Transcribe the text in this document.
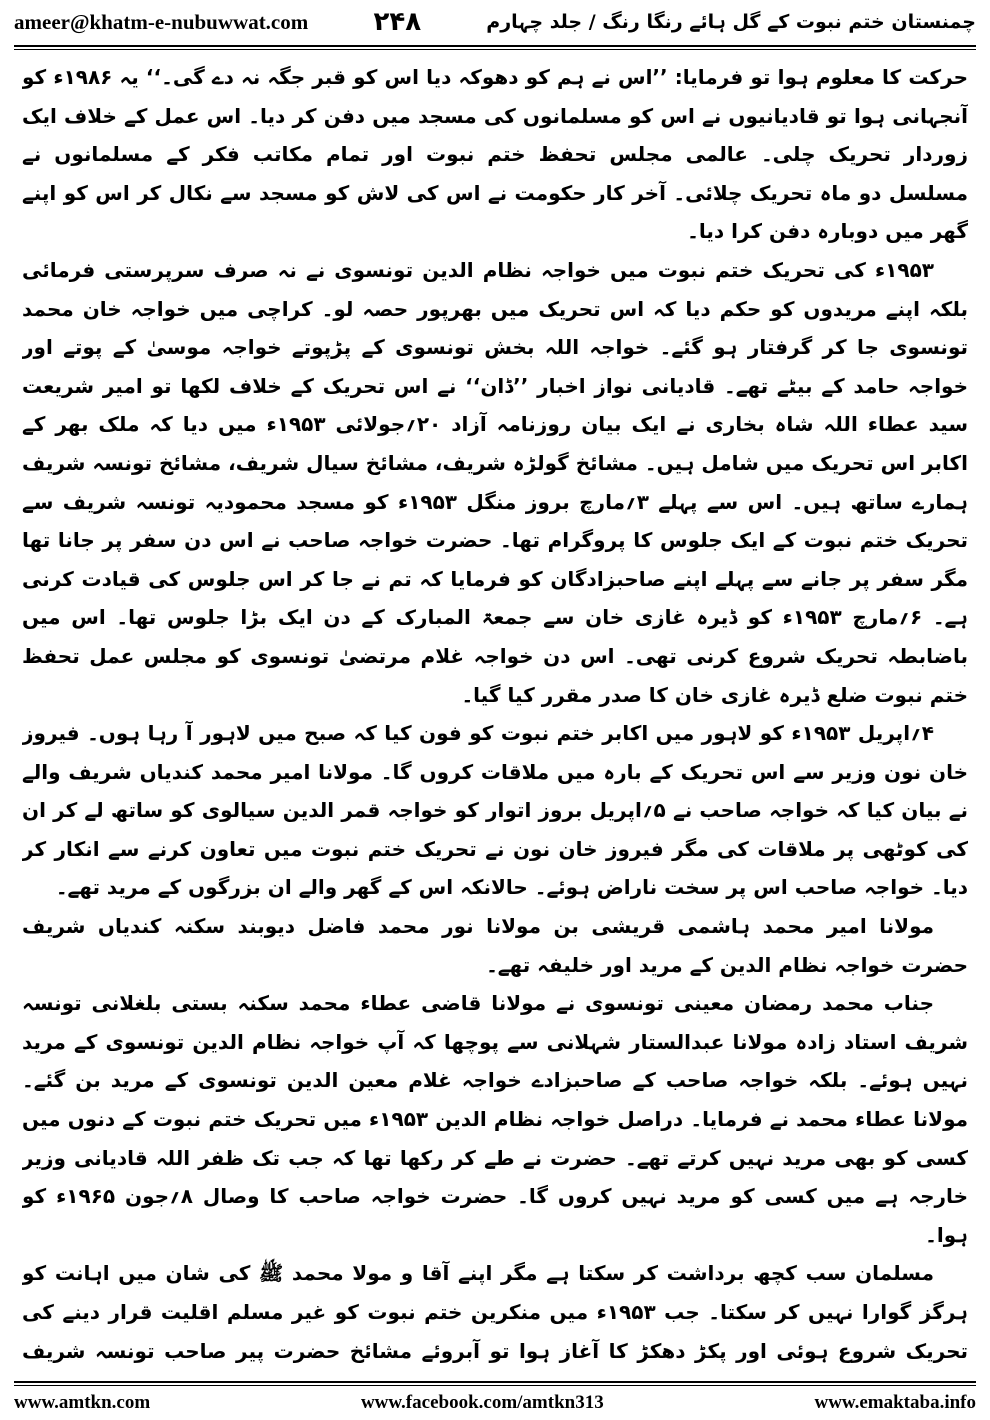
ameer@khatm-e-nubuwwat.com	۲۴۸	چمنستان ختم نبوت کے گل ہائے رنگا رنگ / جلد چہارم

حرکت کا معلوم ہوا تو فرمایا: ’’اس نے ہم کو دھوکہ دیا اس کو قبر جگہ نہ دے گی۔‘‘ یہ ۱۹۸۶ء کو آنجہانی ہوا تو قادیانیوں نے اس کو مسلمانوں کی مسجد میں دفن کر دیا۔ اس عمل کے خلاف ایک زوردار تحریک چلی۔ عالمی مجلس تحفظ ختم نبوت اور تمام مکاتب فکر کے مسلمانوں نے مسلسل دو ماہ تحریک چلائی۔ آخر کار حکومت نے اس کی لاش کو مسجد سے نکال کر اس کو اپنے گھر میں دوبارہ دفن کرا دیا۔

۱۹۵۳ء کی تحریک ختم نبوت میں خواجہ نظام الدین تونسوی نے نہ صرف سرپرستی فرمائی بلکہ اپنے مریدوں کو حکم دیا کہ اس تحریک میں بھرپور حصہ لو۔ کراچی میں خواجہ خان محمد تونسوی جا کر گرفتار ہو گئے۔ خواجہ اللہ بخش تونسوی کے پڑپوتے خواجہ موسیٰ کے پوتے اور خواجہ حامد کے بیٹے تھے۔ قادیانی نواز اخبار ’’ڈان‘‘ نے اس تحریک کے خلاف لکھا تو امیر شریعت سید عطاء اللہ شاہ بخاری نے ایک بیان روزنامہ آزاد ۲۰؍جولائی ۱۹۵۳ء میں دیا کہ ملک بھر کے اکابر اس تحریک میں شامل ہیں۔ مشائخ گولڑہ شریف، مشائخ سیال شریف، مشائخ تونسہ شریف ہمارے ساتھ ہیں۔ اس سے پہلے ۳؍مارچ بروز منگل ۱۹۵۳ء کو مسجد محمودیہ تونسہ شریف سے تحریک ختم نبوت کے ایک جلوس کا پروگرام تھا۔ حضرت خواجہ صاحب نے اس دن سفر پر جانا تھا مگر سفر پر جانے سے پہلے اپنے صاحبزادگان کو فرمایا کہ تم نے جا کر اس جلوس کی قیادت کرنی ہے۔ ۶؍مارچ ۱۹۵۳ء کو ڈیرہ غازی خان سے جمعۃ المبارک کے دن ایک بڑا جلوس تھا۔ اس میں باضابطہ تحریک شروع کرنی تھی۔ اس دن خواجہ غلام مرتضیٰ تونسوی کو مجلس عمل تحفظ ختم نبوت ضلع ڈیرہ غازی خان کا صدر مقرر کیا گیا۔

۴؍اپریل ۱۹۵۳ء کو لاہور میں اکابر ختم نبوت کو فون کیا کہ صبح میں لاہور آ رہا ہوں۔ فیروز خان نون وزیر سے اس تحریک کے بارہ میں ملاقات کروں گا۔ مولانا امیر محمد کندیاں شریف والے نے بیان کیا کہ خواجہ صاحب نے ۵؍اپریل بروز اتوار کو خواجہ قمر الدین سیالوی کو ساتھ لے کر ان کی کوٹھی پر ملاقات کی مگر فیروز خان نون نے تحریک ختم نبوت میں تعاون کرنے سے انکار کر دیا۔ خواجہ صاحب اس پر سخت ناراض ہوئے۔ حالانکہ اس کے گھر والے ان بزرگوں کے مرید تھے۔

مولانا امیر محمد ہاشمی قریشی بن مولانا نور محمد فاضل دیوبند سکنہ کندیاں شریف حضرت خواجہ نظام الدین کے مرید اور خلیفہ تھے۔

جناب محمد رمضان معینی تونسوی نے مولانا قاضی عطاء محمد سکنہ بستی بلغلانی تونسہ شریف استاد زادہ مولانا عبدالستار شہلانی سے پوچھا کہ آپ خواجہ نظام الدین تونسوی کے مرید نہیں ہوئے۔ بلکہ خواجہ صاحب کے صاحبزادے خواجہ غلام معین الدین تونسوی کے مرید بن گئے۔ مولانا عطاء محمد نے فرمایا۔ دراصل خواجہ نظام الدین ۱۹۵۳ء میں تحریک ختم نبوت کے دنوں میں کسی کو بھی مرید نہیں کرتے تھے۔ حضرت نے طے کر رکھا تھا کہ جب تک ظفر اللہ قادیانی وزیر خارجہ ہے میں کسی کو مرید نہیں کروں گا۔ حضرت خواجہ صاحب کا وصال ۸؍جون ۱۹۶۵ء کو ہوا۔

مسلمان سب کچھ برداشت کر سکتا ہے مگر اپنے آقا و مولا محمد ﷺ کی شان میں اہانت کو ہرگز گوارا نہیں کر سکتا۔ جب ۱۹۵۳ء میں منکرین ختم نبوت کو غیر مسلم اقلیت قرار دینے کی تحریک شروع ہوئی اور پکڑ دھکڑ کا آغاز ہوا تو آبروئے مشائخ حضرت پیر صاحب تونسہ شریف

www.amtkn.com	www.facebook.com/amtkn313	www.emaktaba.info
